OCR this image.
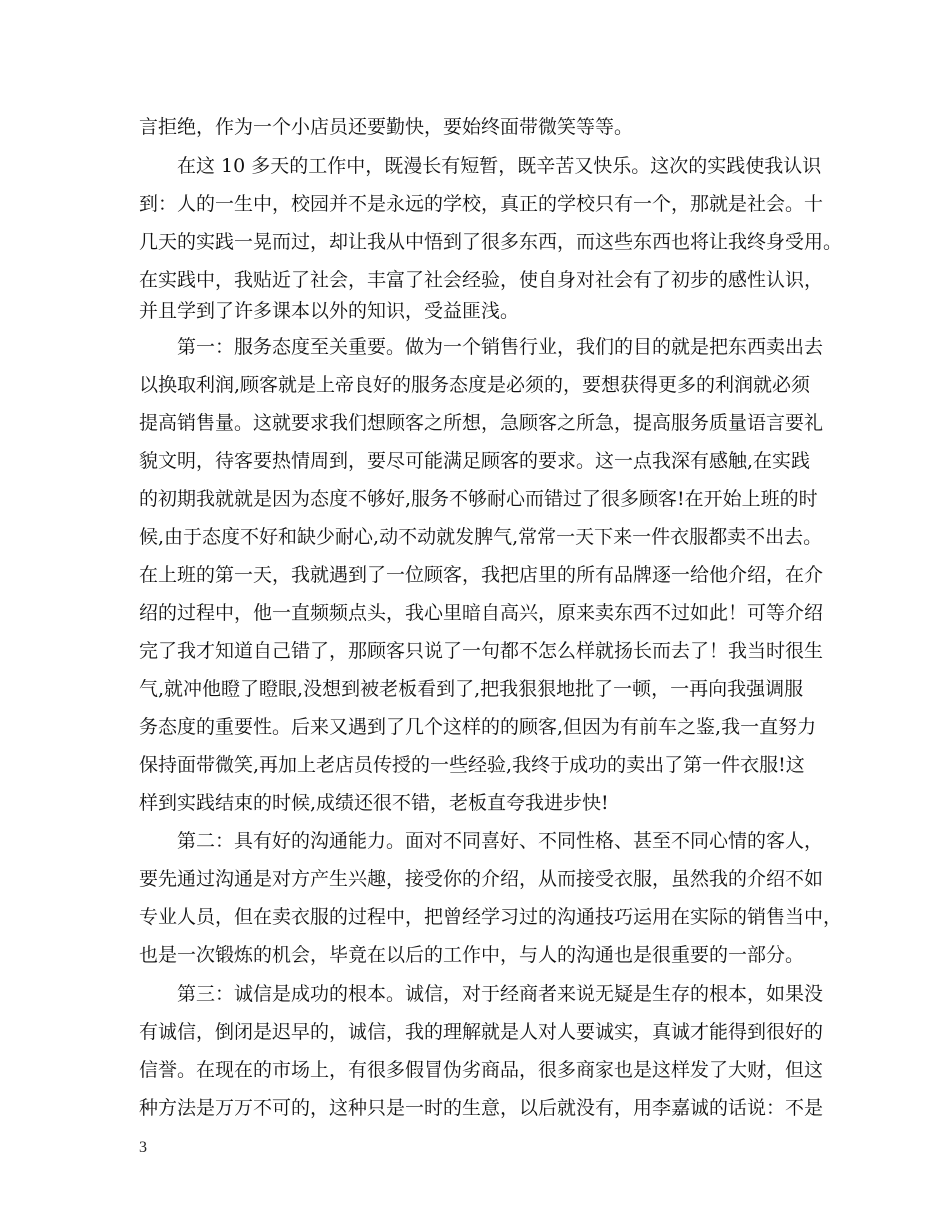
言拒绝，作为一个小店员还要勤快，要始终面带微笑等等。
在这 10 多天的工作中，既漫长有短暂，既辛苦又快乐。这次的实践使我认识
到：人的一生中，校园并不是永远的学校，真正的学校只有一个，那就是社会。十
几天的实践一晃而过，却让我从中悟到了很多东西，而这些东西也将让我终身受用。
在实践中，我贴近了社会，丰富了社会经验，使自身对社会有了初步的感性认识，
并且学到了许多课本以外的知识，受益匪浅。
第一：服务态度至关重要。做为一个销售行业，我们的目的就是把东西卖出去
以换取利润,顾客就是上帝良好的服务态度是必须的，要想获得更多的利润就必须
提高销售量。这就要求我们想顾客之所想，急顾客之所急，提高服务质量语言要礼
貌文明，待客要热情周到，要尽可能满足顾客的要求。这一点我深有感触,在实践
的初期我就就是因为态度不够好,服务不够耐心而错过了很多顾客!在开始上班的时
候,由于态度不好和缺少耐心,动不动就发脾气,常常一天下来一件衣服都卖不出去。
在上班的第一天，我就遇到了一位顾客，我把店里的所有品牌逐一给他介绍，在介
绍的过程中，他一直频频点头，我心里暗自高兴，原来卖东西不过如此！可等介绍
完了我才知道自己错了，那顾客只说了一句都不怎么样就扬长而去了！我当时很生
气,就冲他瞪了瞪眼,没想到被老板看到了,把我狠狠地批了一顿，一再向我强调服
务态度的重要性。后来又遇到了几个这样的的顾客,但因为有前车之鉴,我一直努力
保持面带微笑,再加上老店员传授的一些经验,我终于成功的卖出了第一件衣服!这
样到实践结束的时候,成绩还很不错，老板直夸我进步快!
第二：具有好的沟通能力。面对不同喜好、不同性格、甚至不同心情的客人，
要先通过沟通是对方产生兴趣，接受你的介绍，从而接受衣服，虽然我的介绍不如
专业人员，但在卖衣服的过程中，把曾经学习过的沟通技巧运用在实际的销售当中，
也是一次锻炼的机会，毕竟在以后的工作中，与人的沟通也是很重要的一部分。
第三：诚信是成功的根本。诚信，对于经商者来说无疑是生存的根本，如果没
有诚信，倒闭是迟早的，诚信，我的理解就是人对人要诚实，真诚才能得到很好的
信誉。在现在的市场上，有很多假冒伪劣商品，很多商家也是这样发了大财，但这
种方法是万万不可的，这种只是一时的生意，以后就没有，用李嘉诚的话说：不是
3
